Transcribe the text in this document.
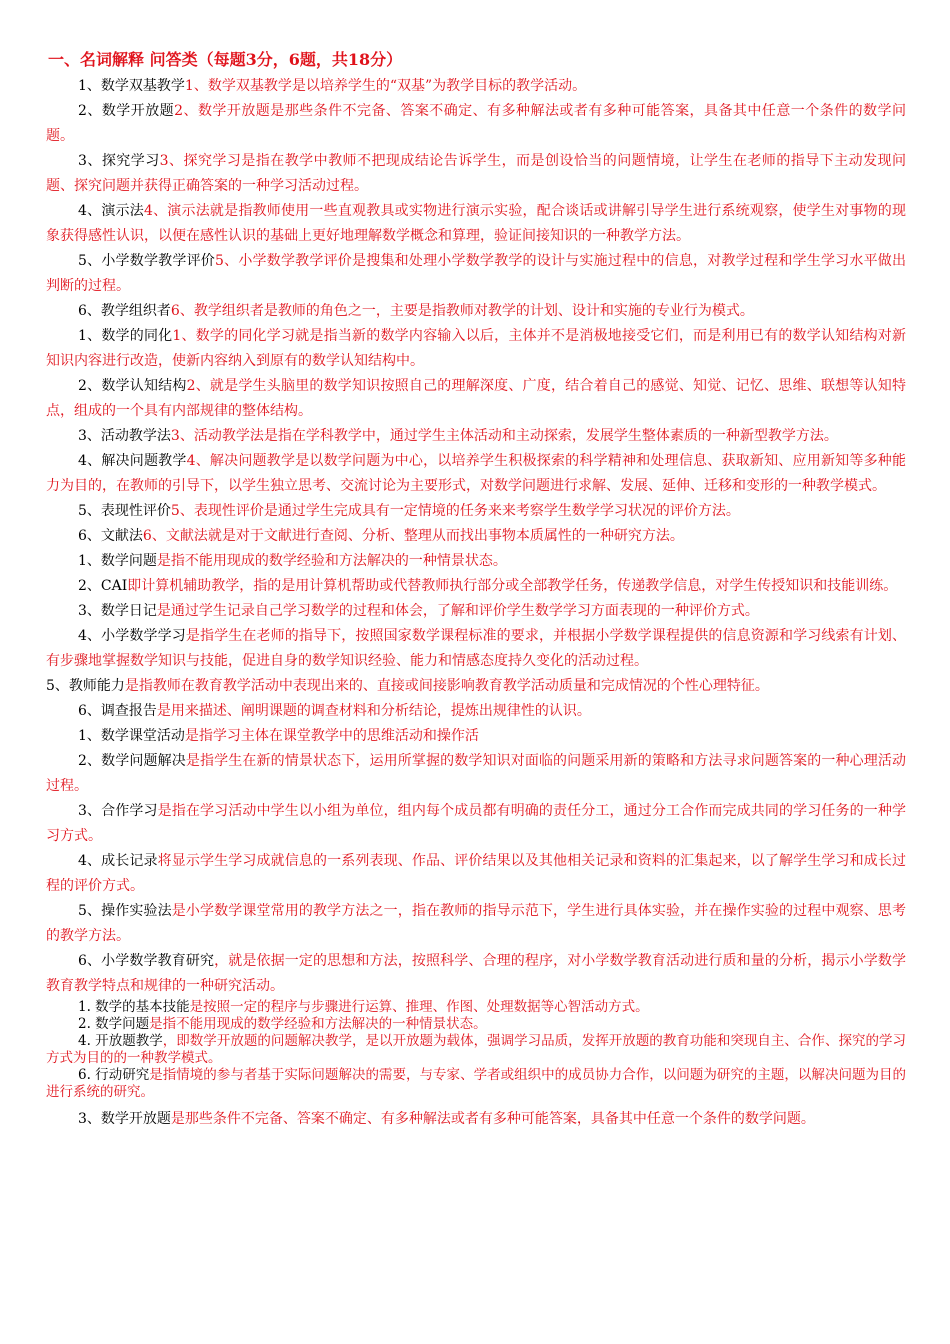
一、名词解释 问答类（每题3分，6题，共18分）

1、数学双基教学1、数学双基教学是以培养学生的“双基”为教学目标的教学活动。

2、数学开放题2、数学开放题是那些条件不完备、答案不确定、有多种解法或者有多种可能答案，具备其中任意一个条件的数学问题。

3、探究学习3、探究学习是指在教学中教师不把现成结论告诉学生，而是创设恰当的问题情境，让学生在老师的指导下主动发现问题、探究问题并获得正确答案的一种学习活动过程。

4、演示法4、演示法就是指教师使用一些直观教具或实物进行演示实验，配合谈话或讲解引导学生进行系统观察，使学生对事物的现象获得感性认识，以便在感性认识的基础上更好地理解数学概念和算理，验证间接知识的一种教学方法。

5、小学数学教学评价5、小学数学教学评价是搜集和处理小学数学教学的设计与实施过程中的信息，对教学过程和学生学习水平做出判断的过程。

6、教学组织者6、教学组织者是教师的角色之一，主要是指教师对教学的计划、设计和实施的专业行为模式。

1、数学的同化1、数学的同化学习就是指当新的数学内容输入以后，主体并不是消极地接受它们，而是利用已有的数学认知结构对新知识内容进行改造，使新内容纳入到原有的数学认知结构中。

2、数学认知结构2、就是学生头脑里的数学知识按照自己的理解深度、广度，结合着自己的感觉、知觉、记忆、思维、联想等认知特点，组成的一个具有内部规律的整体结构。

3、活动教学法3、活动教学法是指在学科教学中，通过学生主体活动和主动探索，发展学生整体素质的一种新型教学方法。

4、解决问题教学4、解决问题教学是以数学问题为中心，以培养学生积极探索的科学精神和处理信息、获取新知、应用新知等多种能力为目的，在教师的引导下，以学生独立思考、交流讨论为主要形式，对数学问题进行求解、发展、延伸、迁移和变形的一种教学模式。

5、表现性评价5、表现性评价是通过学生完成具有一定情境的任务来来考察学生数学学习状况的评价方法。

6、文献法6、文献法就是对于文献进行查阅、分析、整理从而找出事物本质属性的一种研究方法。

1、数学问题是指不能用现成的数学经验和方法解决的一种情景状态。

2、CAI即计算机辅助教学，指的是用计算机帮助或代替教师执行部分或全部教学任务，传递教学信息，对学生传授知识和技能训练。

3、数学日记是通过学生记录自己学习数学的过程和体会，了解和评价学生数学学习方面表现的一种评价方式。

4、小学数学学习是指学生在老师的指导下，按照国家数学课程标准的要求，并根据小学数学课程提供的信息资源和学习线索有计划、有步骤地掌握数学知识与技能，促进自身的数学知识经验、能力和情感态度持久变化的活动过程。

5、教师能力是指教师在教育教学活动中表现出来的、直接或间接影响教育教学活动质量和完成情况的个性心理特征。

6、调查报告是用来描述、阐明课题的调查材料和分析结论，提炼出规律性的认识。

1、数学课堂活动是指学习主体在课堂教学中的思维活动和操作活

2、数学问题解决是指学生在新的情景状态下，运用所掌握的数学知识对面临的问题采用新的策略和方法寻求问题答案的一种心理活动过程。

3、合作学习是指在学习活动中学生以小组为单位，组内每个成员都有明确的责任分工，通过分工合作而完成共同的学习任务的一种学习方式。

4、成长记录将显示学生学习成就信息的一系列表现、作品、评价结果以及其他相关记录和资料的汇集起来，以了解学生学习和成长过程的评价方式。

5、操作实验法是小学数学课堂常用的教学方法之一，指在教师的指导示范下，学生进行具体实验，并在操作实验的过程中观察、思考的教学方法。

6、小学数学教育研究，就是依据一定的思想和方法，按照科学、合理的程序，对小学数学教育活动进行质和量的分析，揭示小学数学教育教学特点和规律的一种研究活动。

1. 数学的基本技能是按照一定的程序与步骤进行运算、推理、作图、处理数据等心智活动方式。

2. 数学问题是指不能用现成的数学经验和方法解决的一种情景状态。

4. 开放题教学，即数学开放题的问题解决教学，是以开放题为载体，强调学习品质，发挥开放题的教育功能和突现自主、合作、探究的学习方式为目的的一种教学模式。

6. 行动研究是指情境的参与者基于实际问题解决的需要，与专家、学者或组织中的成员协力合作，以问题为研究的主题，以解决问题为目的进行系统的研究。

3、数学开放题是那些条件不完备、答案不确定、有多种解法或者有多种可能答案，具备其中任意一个条件的数学问题。
